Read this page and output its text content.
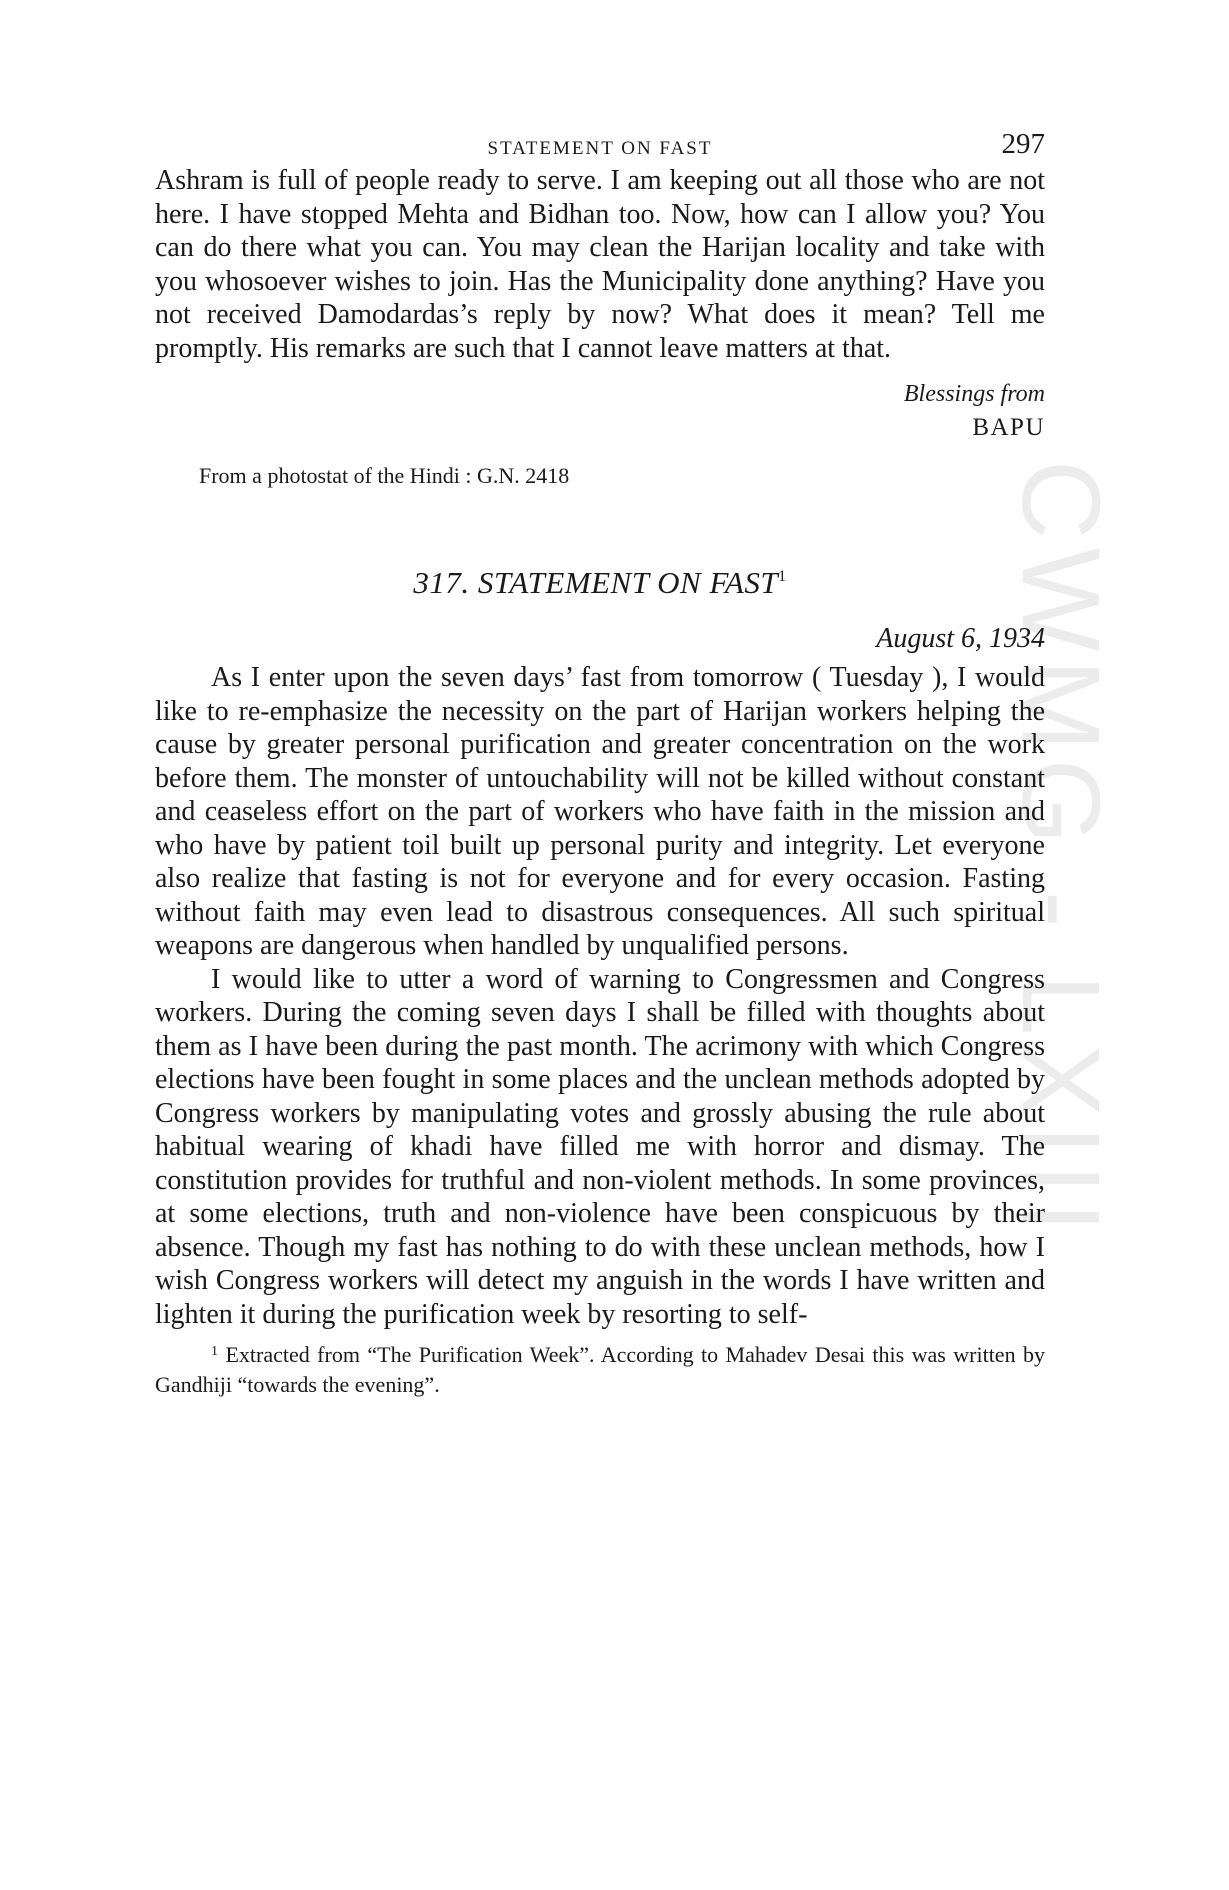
CWMG - LXIII
STATEMENT ON FAST	297

Ashram is full of people ready to serve. I am keeping out all those who are not here. I have stopped Mehta and Bidhan too. Now, how can I allow you? You can do there what you can. You may clean the Harijan locality and take with you whosoever wishes to join. Has the Municipality done anything? Have you not received Damodardas’s reply by now? What does it mean? Tell me promptly. His remarks are such that I cannot leave matters at that.

Blessings from
BAPU
From a photostat of the Hindi : G.N. 2418
317. STATEMENT ON FAST$^1$
August 6, 1934

As I enter upon the seven days’ fast from tomorrow ( Tuesday ), I would like to re-emphasize the necessity on the part of Harijan workers helping the cause by greater personal purification and greater concentration on the work before them. The monster of untouchability will not be killed without constant and ceaseless effort on the part of workers who have faith in the mission and who have by patient toil built up personal purity and integrity. Let everyone also realize that fasting is not for everyone and for every occasion. Fasting without faith may even lead to disastrous consequences. All such spiritual weapons are dangerous when handled by unqualified persons.

I would like to utter a word of warning to Congressmen and Congress workers. During the coming seven days I shall be filled with thoughts about them as I have been during the past month. The acrimony with which Congress elections have been fought in some places and the unclean methods adopted by Congress workers by manipulating votes and grossly abusing the rule about habitual wearing of khadi have filled me with horror and dismay. The constitution provides for truthful and non-violent methods. In some provinces, at some elections, truth and non-violence have been conspicuous by their absence. Though my fast has nothing to do with these unclean methods, how I wish Congress workers will detect my anguish in the words I have written and lighten it during the purification week by resorting to self-

$^1$ Extracted from “The Purification Week”. According to Mahadev Desai this was written by Gandhiji “towards the evening”.
